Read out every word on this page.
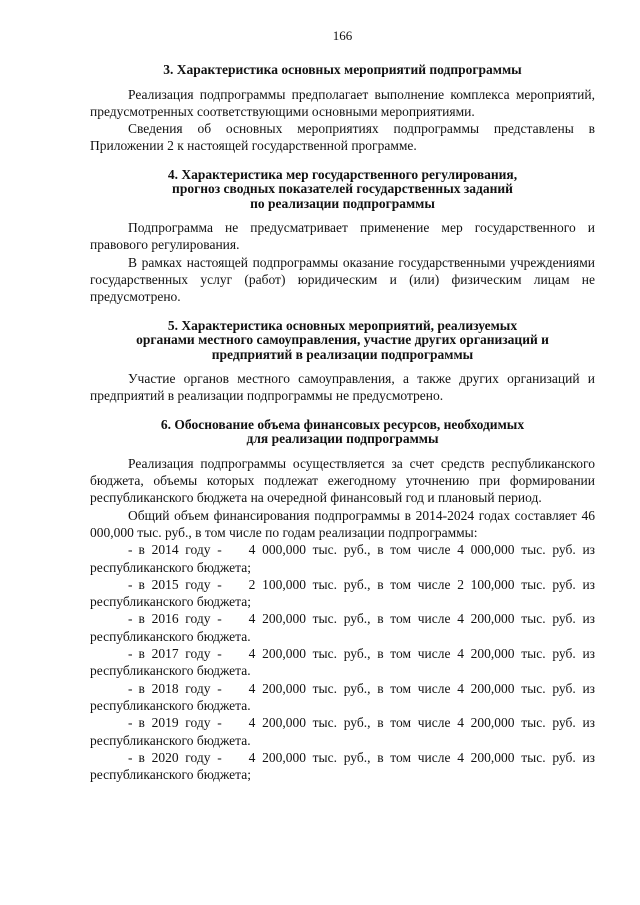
166
3. Характеристика основных мероприятий подпрограммы

Реализация подпрограммы предполагает выполнение комплекса мероприятий, предусмотренных соответствующими основными мероприятиями.

Сведения об основных мероприятиях подпрограммы представлены в Приложении 2 к настоящей государственной программе.

4. Характеристика мер государственного регулирования,
прогноз сводных показателей государственных заданий
по реализации подпрограммы

Подпрограмма не предусматривает применение мер государственного и правового регулирования.

В рамках настоящей подпрограммы оказание государственными учреждениями государственных услуг (работ) юридическим и (или) физическим лицам не предусмотрено.

5. Характеристика основных мероприятий, реализуемых
органами местного самоуправления, участие других организаций и
предприятий в реализации подпрограммы

Участие органов местного самоуправления, а также других организаций и предприятий в реализации подпрограммы не предусмотрено.

6. Обоснование объема финансовых ресурсов, необходимых
для реализации подпрограммы

Реализация подпрограммы осуществляется за счет средств республиканского бюджета, объемы которых подлежат ежегодному уточнению при формировании республиканского бюджета на очередной финансовый год и плановый период.

Общий объем финансирования подпрограммы в 2014-2024 годах составляет 46 000,000 тыс. руб., в том числе по годам реализации подпрограммы:

- в 2014 году - 4 000,000 тыс. руб., в том числе 4 000,000 тыс. руб. из республиканского бюджета;
- в 2015 году - 2 100,000 тыс. руб., в том числе 2 100,000 тыс. руб. из республиканского бюджета;
- в 2016 году - 4 200,000 тыс. руб., в том числе 4 200,000 тыс. руб. из республиканского бюджета.
- в 2017 году - 4 200,000 тыс. руб., в том числе 4 200,000 тыс. руб. из республиканского бюджета.
- в 2018 году - 4 200,000 тыс. руб., в том числе 4 200,000 тыс. руб. из республиканского бюджета.
- в 2019 году - 4 200,000 тыс. руб., в том числе 4 200,000 тыс. руб. из республиканского бюджета.
- в 2020 году - 4 200,000 тыс. руб., в том числе 4 200,000 тыс. руб. из республиканского бюджета;
